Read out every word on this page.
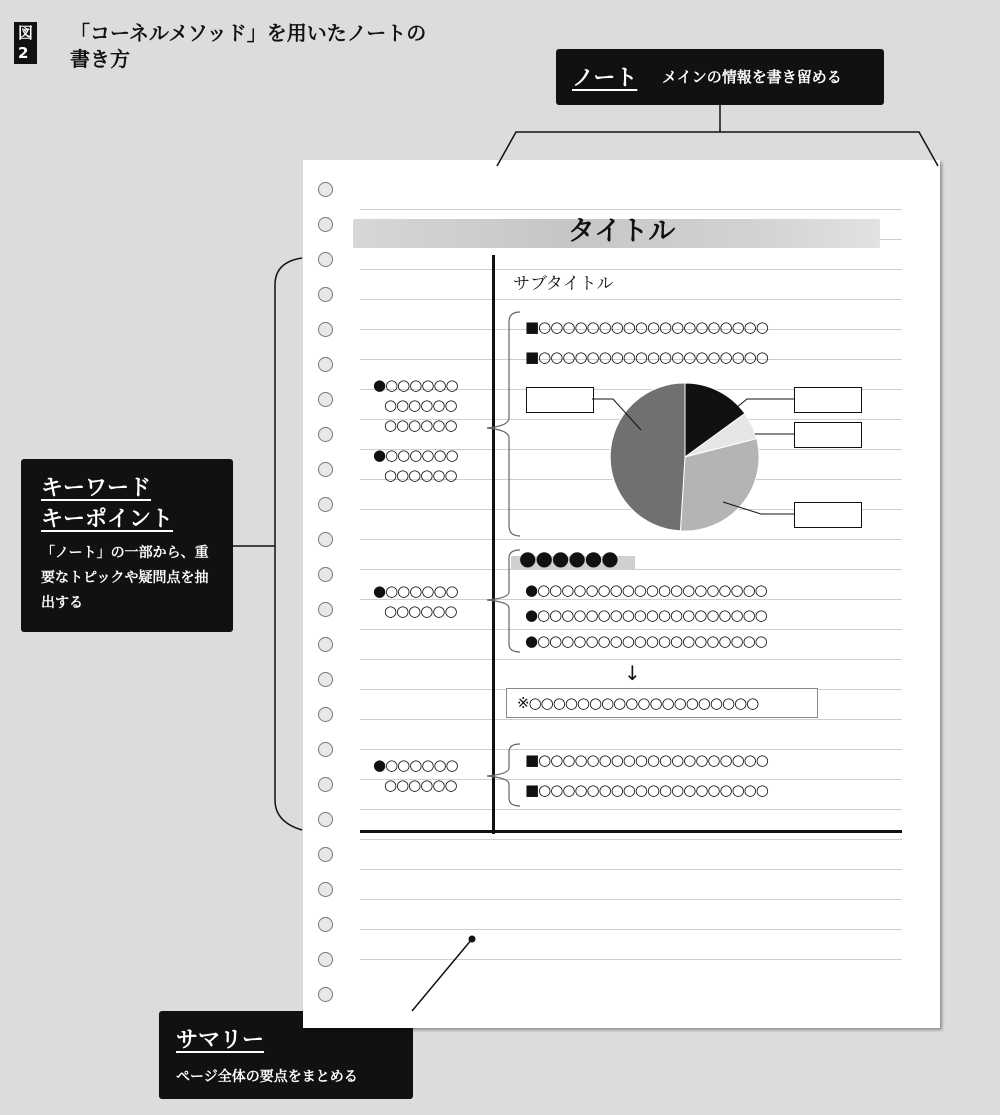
図2
「コーネルメソッド」を用いたノートの書き方
ノート メインの情報を書き留める
キーワード
キーポイント
「ノート」の一部から、重要なトピックや疑問点を抽出する
サマリー
ページ全体の要点をまとめる
タイトル
サブタイトル
■○○○○○○○○○○○○○○○○○○○
■○○○○○○○○○○○○○○○○○○○
●○○○○○○
○○○○○○
○○○○○○
●○○○○○○
○○○○○○
●●●●●●
●○○○○○○○○○○○○○○○○○○○
●○○○○○○○○○○○○○○○○○○○
●○○○○○○○○○○○○○○○○○○○
●○○○○○○
○○○○○○
↓
※○○○○○○○○○○○○○○○○○○○
■○○○○○○○○○○○○○○○○○○○
■○○○○○○○○○○○○○○○○○○○
●○○○○○○
○○○○○○
